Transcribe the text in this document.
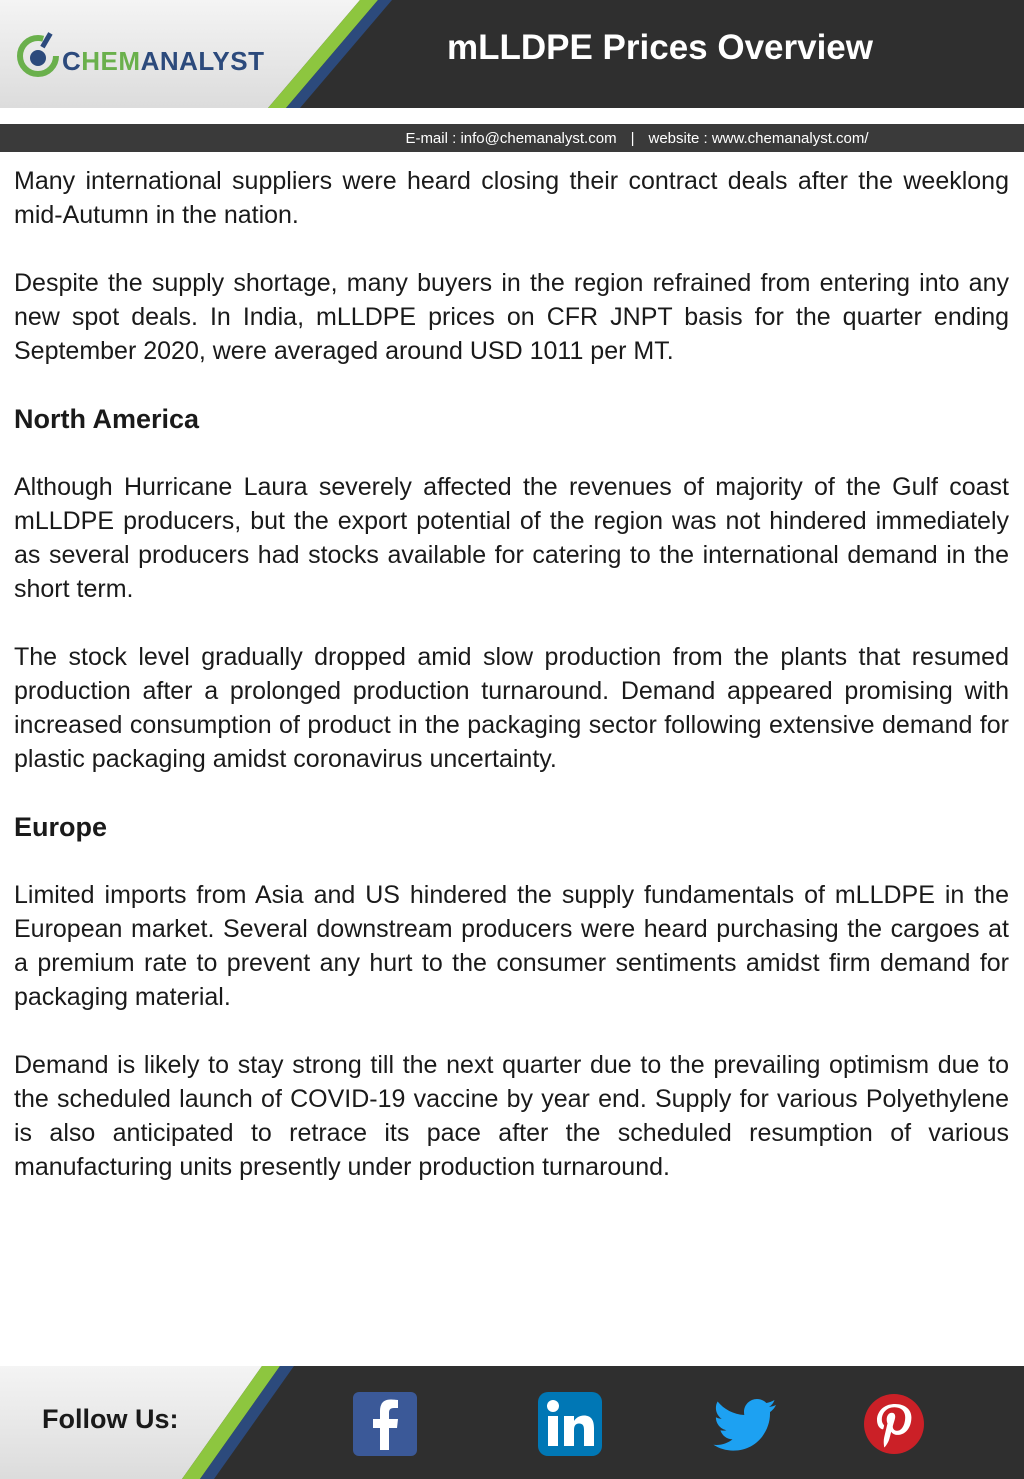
CHEMANALYST	mLLDPE Prices Overview
E-mail : info@chemanalyst.com | website : www.chemanalyst.com/

Many international suppliers were heard closing their contract deals after the weeklong mid-Autumn in the nation.

Despite the supply shortage, many buyers in the region refrained from entering into any new spot deals. In India, mLLDPE prices on CFR JNPT basis for the quarter ending September 2020, were averaged around USD 1011 per MT.

North America

Although Hurricane Laura severely affected the revenues of majority of the Gulf coast mLLDPE producers, but the export potential of the region was not hindered immediately as several producers had stocks available for catering to the international demand in the short term.

The stock level gradually dropped amid slow production from the plants that resumed production after a prolonged production turnaround. Demand appeared promising with increased consumption of product in the packaging sector following extensive demand for plastic packaging amidst coronavirus uncertainty.

Europe

Limited imports from Asia and US hindered the supply fundamentals of mLLDPE in the European market. Several downstream producers were heard purchasing the cargoes at a premium rate to prevent any hurt to the consumer sentiments amidst firm demand for packaging material.

Demand is likely to stay strong till the next quarter due to the prevailing optimism due to the scheduled launch of COVID-19 vaccine by year end. Supply for various Polyethylene is also anticipated to retrace its pace after the scheduled resumption of various manufacturing units presently under production turnaround.

Follow Us:
